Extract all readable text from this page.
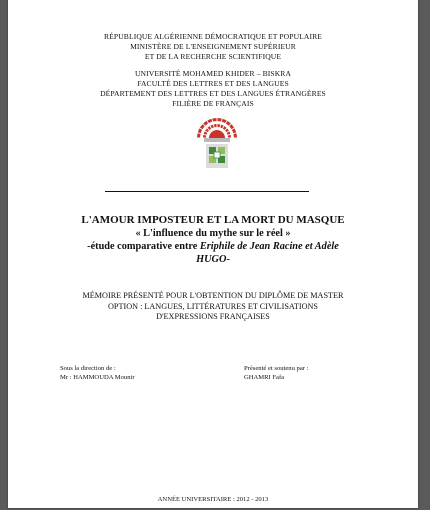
RÉPUBLIQUE ALGÉRIENNE DÉMOCRATIQUE ET POPULAIRE
MINISTÈRE DE L'ENSEIGNEMENT SUPÉRIEUR
ET DE LA RECHERCHE SCIENTIFIQUE
UNIVERSITÉ MOHAMED KHIDER – BISKRA
FACULTÉ DES LETTRES ET DES LANGUES
DÉPARTEMENT DES LETTRES ET DES LANGUES ÉTRANGÈRES
FILIÈRE DE FRANÇAIS
L'AMOUR IMPOSTEUR ET LA MORT DU MASQUE
« L'influence du mythe sur le réel »
-étude comparative entre Eriphile de Jean Racine et Adèle
HUGO-
MÉMOIRE PRÉSENTÉ POUR L'OBTENTION DU DIPLÔME DE MASTER
OPTION : LANGUES, LITTÉRATURES ET CIVILISATIONS
D'EXPRESSIONS FRANÇAISES
Sous la direction de :
Mr : HAMMOUDA Mounir
Présenté et soutenu par :
GHAMRI Fafa
ANNÉE UNIVERSITAIRE : 2012 - 2013
